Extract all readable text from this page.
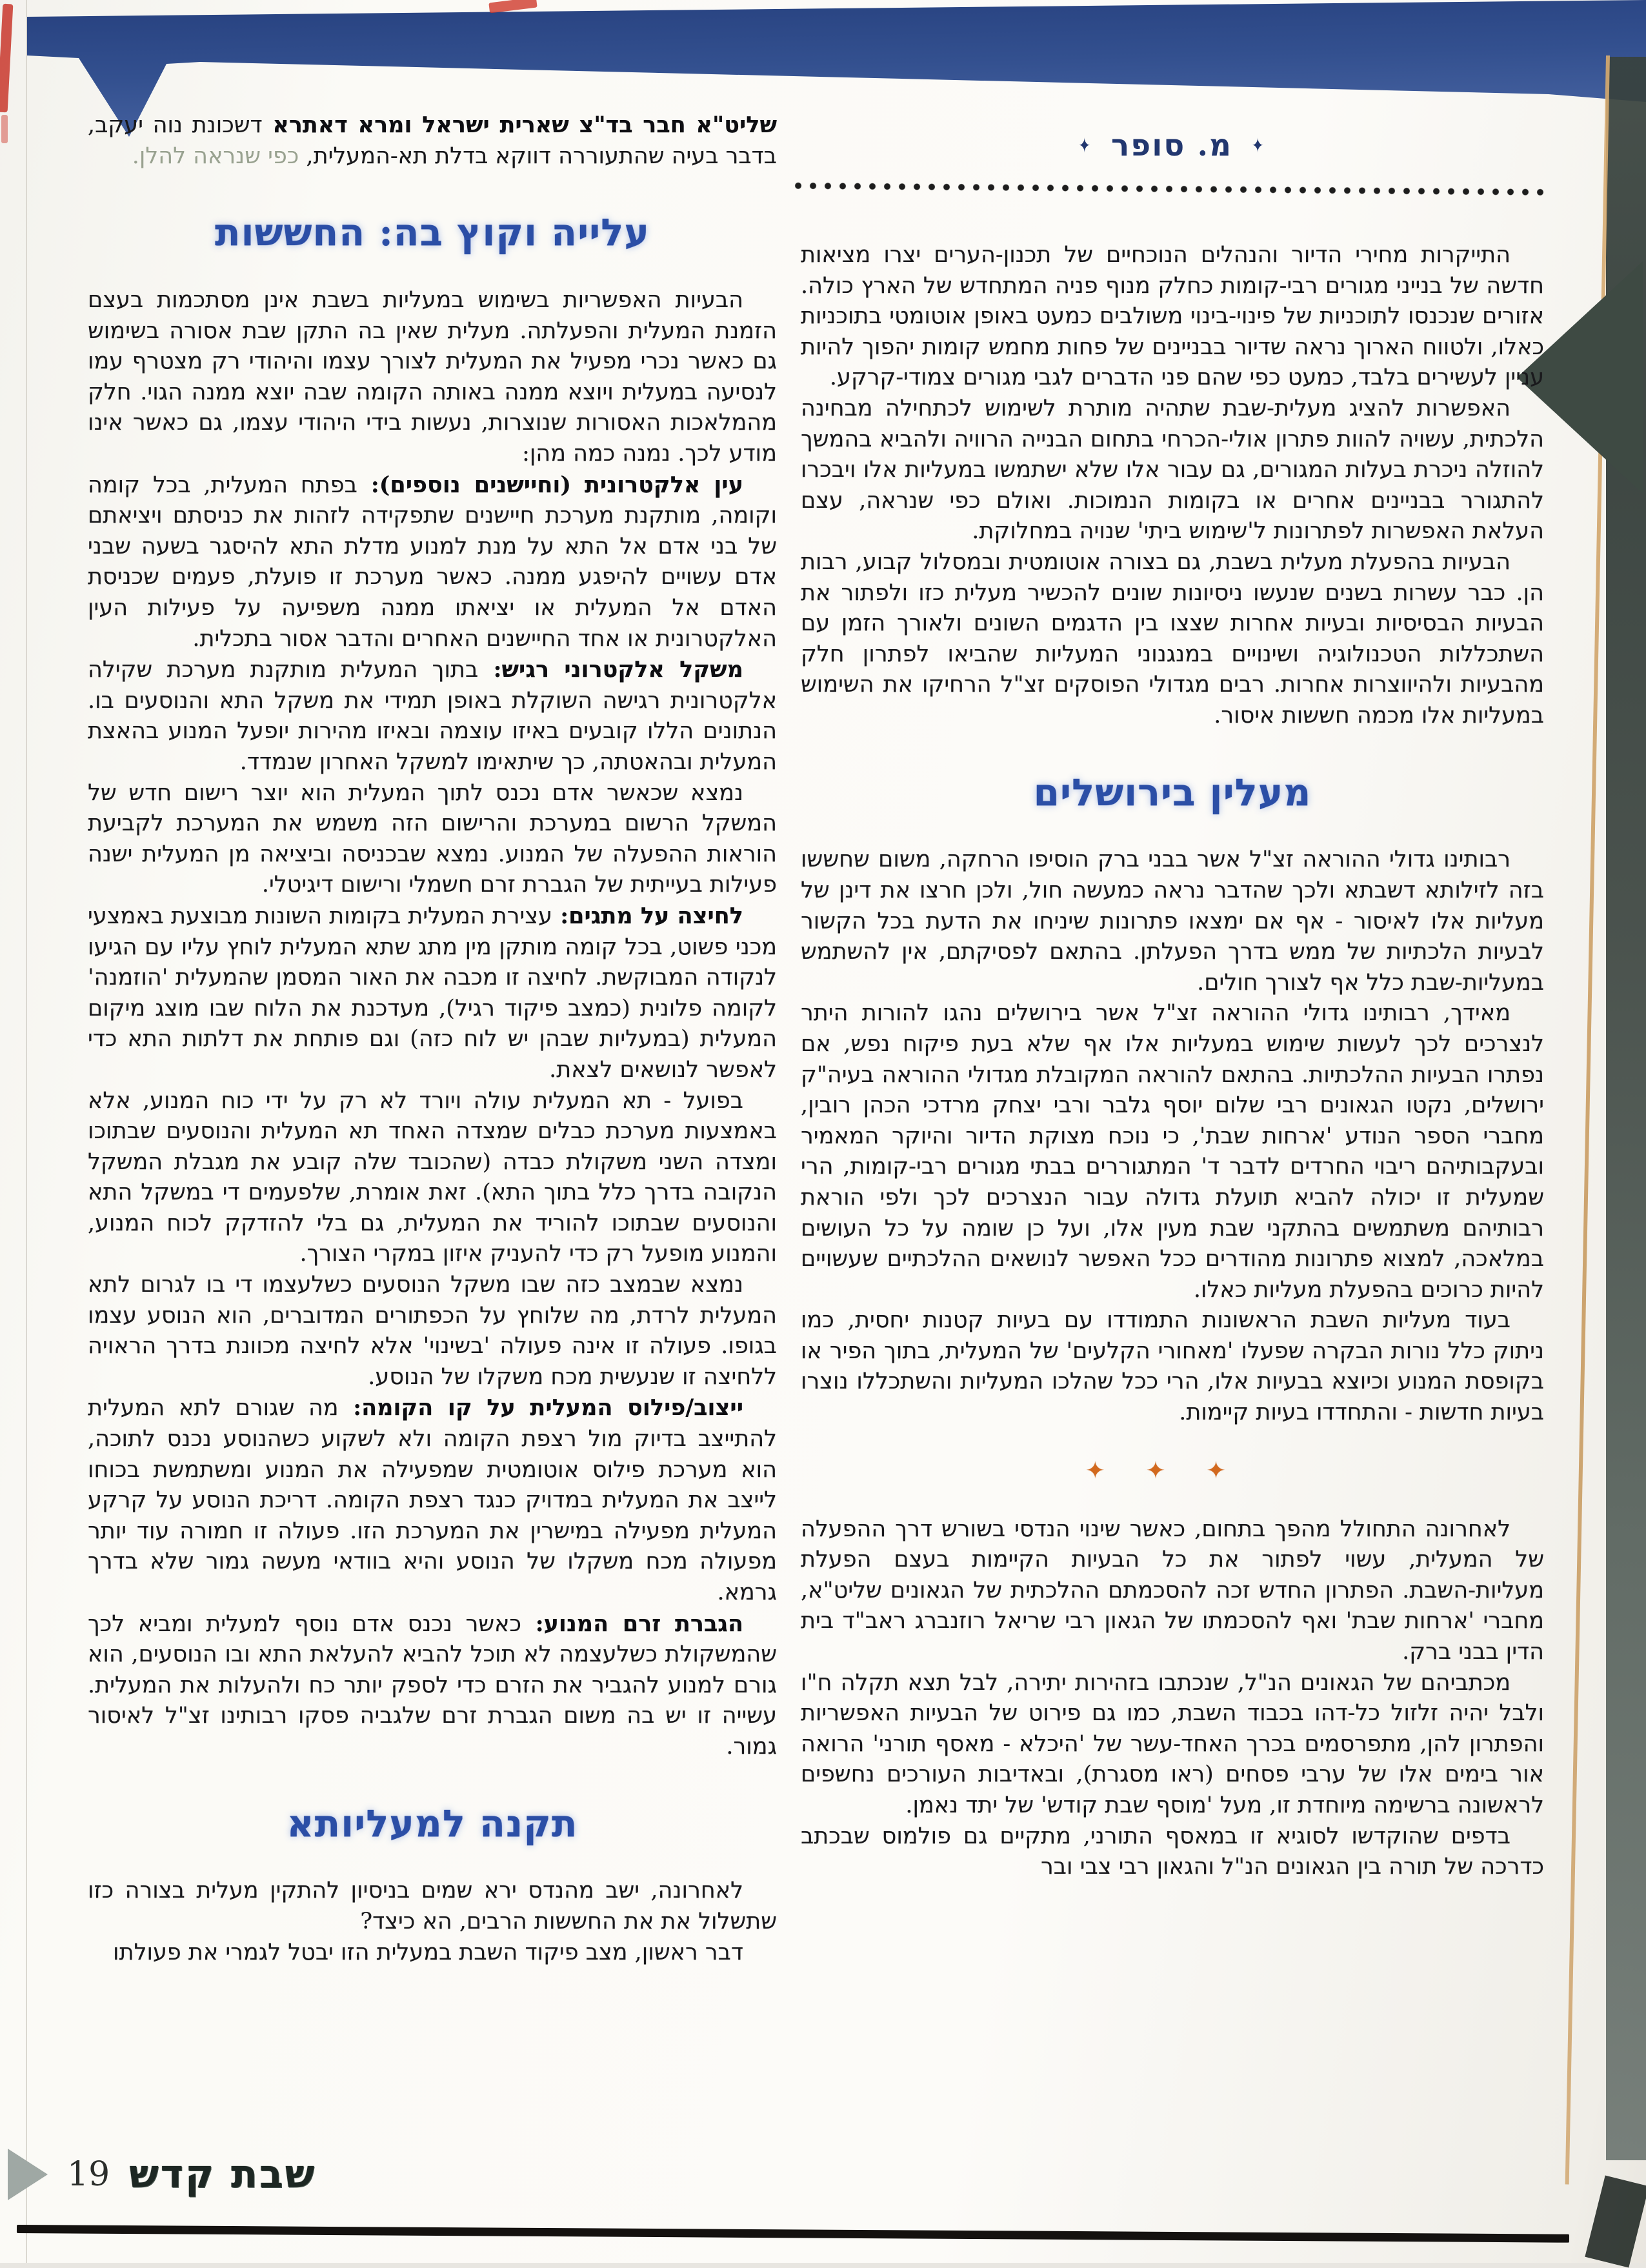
✦
מ. סופר
✦

התייקרות מחירי הדיור והנהלים הנוכחיים של תכנון-הערים יצרו מציאות חדשה של בנייני מגורים רבי-קומות כחלק מנוף פניה המתחדש של הארץ כולה. אזורים שנכנסו לתוכניות של פינוי-בינוי משולבים כמעט באופן אוטומטי בתוכניות כאלו, ולטווח הארוך נראה שדיור בבניינים של פחות מחמש קומות יהפוך להיות עניין לעשירים בלבד, כמעט כפי שהם פני הדברים לגבי מגורים צמודי-קרקע.

האפשרות להציג מעלית-שבת שתהיה מותרת לשימוש לכתחילה מבחינה הלכתית, עשויה להוות פתרון אולי-הכרחי בתחום הבנייה הרוויה ולהביא בהמשך להוזלה ניכרת בעלות המגורים, גם עבור אלו שלא ישתמשו במעליות אלו ויבכרו להתגורר בבניינים אחרים או בקומות הנמוכות. ואולם כפי שנראה, עצם העלאת האפשרות לפתרונות ל'שימוש ביתי' שנויה במחלוקת.

הבעיות בהפעלת מעלית בשבת, גם בצורה אוטומטית ובמסלול קבוע, רבות הן. כבר עשרות בשנים שנעשו ניסיונות שונים להכשיר מעלית כזו ולפתור את הבעיות הבסיסיות ובעיות אחרות שצצו בין הדגמים השונים ולאורך הזמן עם השתכללות הטכנולוגיה ושינויים במנגנוני המעליות שהביאו לפתרון חלק מהבעיות ולהיווצרות אחרות. רבים מגדולי הפוסקים זצ"ל הרחיקו את השימוש במעליות אלו מכמה חששות איסור.

מעלין בירושלים

רבותינו גדולי ההוראה זצ"ל אשר בבני ברק הוסיפו הרחקה, משום שחששו בזה לזילותא דשבתא ולכך שהדבר נראה כמעשה חול, ולכן חרצו את דינן של מעליות אלו לאיסור - אף אם ימצאו פתרונות שיניחו את הדעת בכל הקשור לבעיות הלכתיות של ממש בדרך הפעלתן. בהתאם לפסיקתם, אין להשתמש במעליות-שבת כלל אף לצורך חולים.

מאידך, רבותינו גדולי ההוראה זצ"ל אשר בירושלים נהגו להורות היתר לנצרכים לכך לעשות שימוש במעליות אלו אף שלא בעת פיקוח נפש, אם נפתרו הבעיות ההלכתיות. בהתאם להוראה המקובלת מגדולי ההוראה בעיה"ק ירושלים, נקטו הגאונים רבי שלום יוסף גלבר ורבי יצחק מרדכי הכהן רובין, מחברי הספר הנודע 'ארחות שבת', כי נוכח מצוקת הדיור והיוקר המאמיר ובעקבותיהם ריבוי החרדים לדבר ד' המתגוררים בבתי מגורים רבי-קומות, הרי שמעלית זו יכולה להביא תועלת גדולה עבור הנצרכים לכך ולפי הוראת רבותיהם משתמשים בהתקני שבת מעין אלו, ועל כן שומה על כל העושים במלאכה, למצוא פתרונות מהודרים ככל האפשר לנושאים ההלכתיים שעשויים להיות כרוכים בהפעלת מעליות כאלו.

בעוד מעליות השבת הראשונות התמודדו עם בעיות קטנות יחסית, כמו ניתוק כלל נורות הבקרה שפעלו 'מאחורי הקלעים' של המעלית, בתוך הפיר או בקופסת המנוע וכיוצא בבעיות אלו, הרי ככל שהלכו המעליות והשתכללו נוצרו בעיות חדשות - והתחדדו בעיות קיימות.

✦ ✦ ✦

לאחרונה התחולל מהפך בתחום, כאשר שינוי הנדסי בשורש דרך ההפעלה של המעלית, עשוי לפתור את כל הבעיות הקיימות בעצם הפעלת מעליות-השבת. הפתרון החדש זכה להסכמתם ההלכתית של הגאונים שליט"א, מחברי 'ארחות שבת' ואף להסכמתו של הגאון רבי שריאל רוזנברג ראב"ד בית הדין בבני ברק.

מכתביהם של הגאונים הנ"ל, שנכתבו בזהירות יתירה, לבל תצא תקלה ח"ו ולבל יהיה זלזול כל-דהו בכבוד השבת, כמו גם פירוט של הבעיות האפשריות והפתרון להן, מתפרסמים בכרך האחד-עשר של 'היכלא - מאסף תורני' הרואה אור בימים אלו של ערבי פסחים (ראו מסגרת), ובאדיבות העורכים נחשפים לראשונה ברשימה מיוחדת זו, מעל 'מוסף שבת קודש' של יתד נאמן.

בדפים שהוקדשו לסוגיא זו במאסף התורני, מתקיים גם פולמוס שבכתב כדרכה של תורה בין הגאונים הנ"ל והגאון רבי צבי ובר

שליט"א חבר בד"צ שארית ישראל ומרא דאתרא דשכונת נוה יעקב, בדבר בעיה שהתעוררה דווקא בדלת תא-המעלית, כפי שנראה להלן.

עלייה וקוץ בה: החששות

הבעיות האפשריות בשימוש במעליות בשבת אינן מסתכמות בעצם הזמנת המעלית והפעלתה. מעלית שאין בה התקן שבת אסורה בשימוש גם כאשר נכרי מפעיל את המעלית לצורך עצמו והיהודי רק מצטרף עמו לנסיעה במעלית ויוצא ממנה באותה הקומה שבה יוצא ממנה הגוי. חלק מהמלאכות האסורות שנוצרות, נעשות בידי היהודי עצמו, גם כאשר אינו מודע לכך. נמנה כמה מהן:

עין אלקטרונית (וחיישנים נוספים): בפתח המעלית, בכל קומה וקומה, מותקנת מערכת חיישנים שתפקידה לזהות את כניסתם ויציאתם של בני אדם אל התא על מנת למנוע מדלת התא להיסגר בשעה שבני אדם עשויים להיפגע ממנה. כאשר מערכת זו פועלת, פעמים שכניסת האדם אל המעלית או יציאתו ממנה משפיעה על פעילות העין האלקטרונית או אחד החיישנים האחרים והדבר אסור בתכלית.

משקל אלקטרוני רגיש: בתוך המעלית מותקנת מערכת שקילה אלקטרונית רגישה השוקלת באופן תמידי את משקל התא והנוסעים בו. הנתונים הללו קובעים באיזו עוצמה ובאיזו מהירות יופעל המנוע בהאצת המעלית ובהאטתה, כך שיתאימו למשקל האחרון שנמדד.

נמצא שכאשר אדם נכנס לתוך המעלית הוא יוצר רישום חדש של המשקל הרשום במערכת והרישום הזה משמש את המערכת לקביעת הוראות ההפעלה של המנוע. נמצא שבכניסה וביציאה מן המעלית ישנה פעילות בעייתית של הגברת זרם חשמלי ורישום דיגיטלי.

לחיצה על מתגים: עצירת המעלית בקומות השונות מבוצעת באמצעי מכני פשוט, בכל קומה מותקן מין מתג שתא המעלית לוחץ עליו עם הגיעו לנקודה המבוקשת. לחיצה זו מכבה את האור המסמן שהמעלית 'הוזמנה' לקומה פלונית (כמצב פיקוד רגיל), מעדכנת את הלוח שבו מוצג מיקום המעלית (במעליות שבהן יש לוח כזה) וגם פותחת את דלתות התא כדי לאפשר לנושאים לצאת.

בפועל - תא המעלית עולה ויורד לא רק על ידי כוח המנוע, אלא באמצעות מערכת כבלים שמצדה האחד תא המעלית והנוסעים שבתוכו ומצדה השני משקולת כבדה (שהכובד שלה קובע את מגבלת המשקל הנקובה בדרך כלל בתוך התא). זאת אומרת, שלפעמים די במשקל התא והנוסעים שבתוכו להוריד את המעלית, גם בלי להזדקק לכוח המנוע, והמנוע מופעל רק כדי להעניק איזון במקרי הצורך.

נמצא שבמצב כזה שבו משקל הנוסעים כשלעצמו די בו לגרום לתא המעלית לרדת, מה שלוחץ על הכפתורים המדוברים, הוא הנוסע עצמו בגופו. פעולה זו אינה פעולה 'בשינוי' אלא לחיצה מכוונת בדרך הראויה ללחיצה זו שנעשית מכח משקלו של הנוסע.

ייצוב/פילוס המעלית על קו הקומה: מה שגורם לתא המעלית להתייצב בדיוק מול רצפת הקומה ולא לשקוע כשהנוסע נכנס לתוכה, הוא מערכת פילוס אוטומטית שמפעילה את המנוע ומשתמשת בכוחו לייצב את המעלית במדויק כנגד רצפת הקומה. דריכת הנוסע על קרקע המעלית מפעילה במישרין את המערכת הזו. פעולה זו חמורה עוד יותר מפעולה מכח משקלו של הנוסע והיא בוודאי מעשה גמור שלא בדרך גרמא.

הגברת זרם המנוע: כאשר נכנס אדם נוסף למעלית ומביא לכך שהמשקולת כשלעצמה לא תוכל להביא להעלאת התא ובו הנוסעים, הוא גורם למנוע להגביר את הזרם כדי לספק יותר כח ולהעלות את המעלית. עשייה זו יש בה משום הגברת זרם שלגביה פסקו רבותינו זצ"ל לאיסור גמור.

תקנה למעליותא

לאחרונה, ישב מהנדס ירא שמים בניסיון להתקין מעלית בצורה כזו שתשלול את את החששות הרבים, הא כיצד?

דבר ראשון, מצב פיקוד השבת במעלית הזו יבטל לגמרי את פעולתו

19 שבת קדש
